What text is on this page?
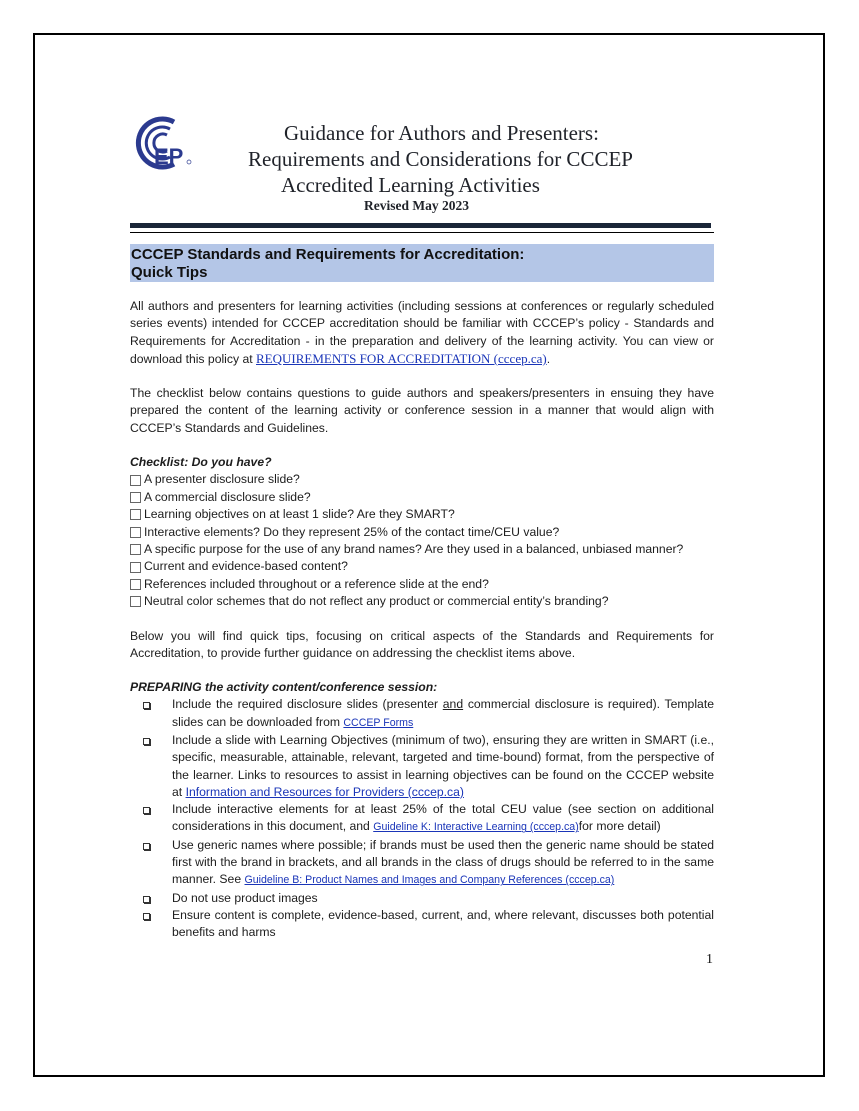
EP
Guidance for Authors and Presenters:
Requirements and Considerations for CCCEP
Accredited Learning Activities
Revised May 2023
CCCEP Standards and Requirements for Accreditation:
Quick Tips

All authors and presenters for learning activities (including sessions at conferences or regularly scheduled series events) intended for CCCEP accreditation should be familiar with CCCEP’s policy - Standards and Requirements for Accreditation - in the preparation and delivery of the learning activity. You can view or download this policy at REQUIREMENTS FOR ACCREDITATION (cccep.ca).

The checklist below contains questions to guide authors and speakers/presenters in ensuing they have prepared the content of the learning activity or conference session in a manner that would align with CCCEP’s Standards and Guidelines.

Checklist: Do you have?

A presenter disclosure slide?
A commercial disclosure slide?
Learning objectives on at least 1 slide? Are they SMART?
Interactive elements? Do they represent 25% of the contact time/CEU value?
A specific purpose for the use of any brand names? Are they used in a balanced, unbiased manner?
Current and evidence-based content?
References included throughout or a reference slide at the end?
Neutral color schemes that do not reflect any product or commercial entity’s branding?

Below you will find quick tips, focusing on critical aspects of the Standards and Requirements for Accreditation, to provide further guidance on addressing the checklist items above.

PREPARING the activity content/conference session:

Include the required disclosure slides (presenter and commercial disclosure is required). Template slides can be downloaded from CCCEP Forms
Include a slide with Learning Objectives (minimum of two), ensuring they are written in SMART (i.e., specific, measurable, attainable, relevant, targeted and time-bound) format, from the perspective of the learner. Links to resources to assist in learning objectives can be found on the CCCEP website at Information and Resources for Providers (cccep.ca)
Include interactive elements for at least 25% of the total CEU value (see section on additional considerations in this document, and Guideline K: Interactive Learning (cccep.ca)for more detail)
Use generic names where possible; if brands must be used then the generic name should be stated first with the brand in brackets, and all brands in the class of drugs should be referred to in the same manner. See Guideline B: Product Names and Images and Company References (cccep.ca)
Do not use product images
Ensure content is complete, evidence-based, current, and, where relevant, discusses both potential benefits and harms
1
